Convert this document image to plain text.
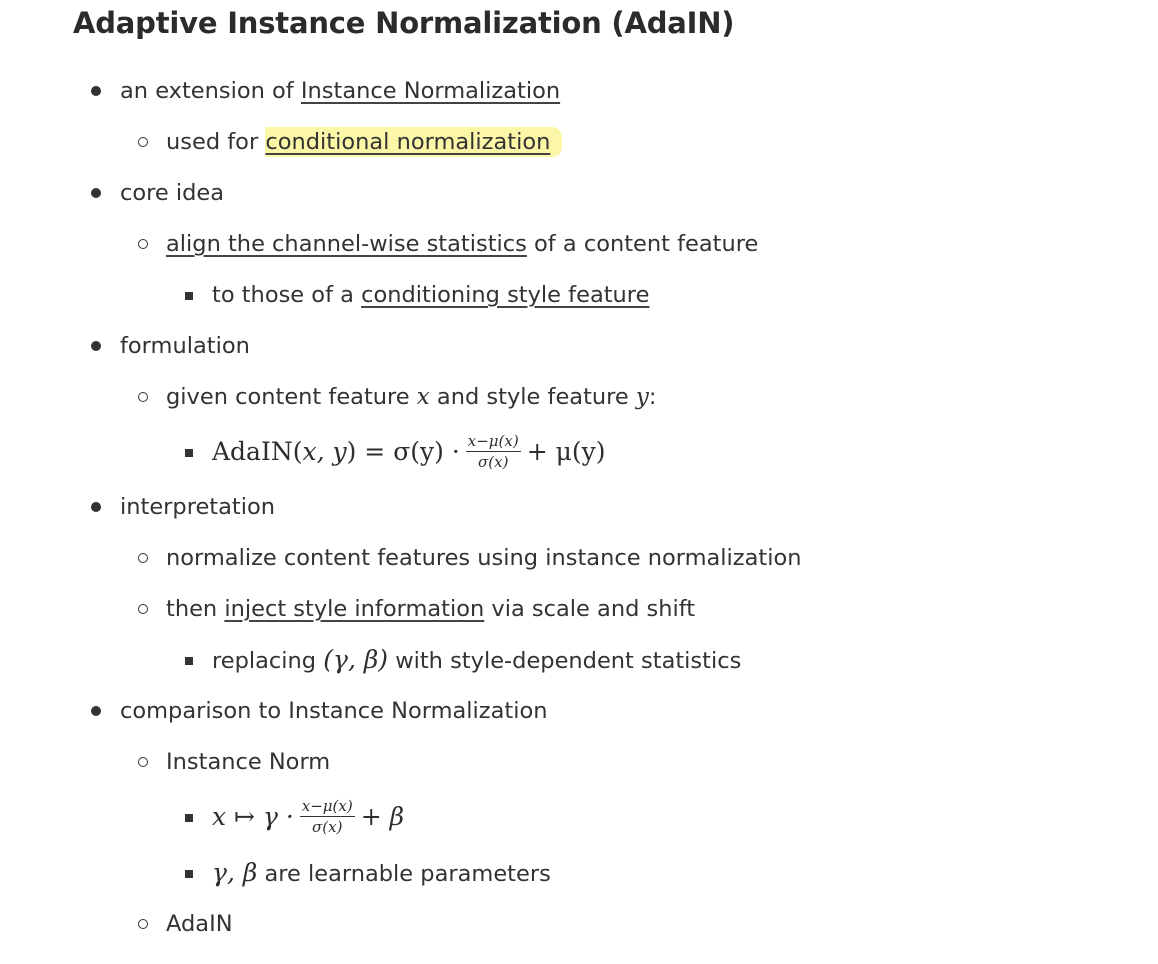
Adaptive Instance Normalization (AdaIN)
an extension of Instance Normalization
used for conditional normalization
core idea
align the channel-wise statistics of a content feature
to those of a conditioning style feature
formulation
given content feature x and style feature y:
AdaIN(x, $y) = \sigma(y) \cdot \frac{x-\mu(x)}{\sigma(x)} + \mu(y)$
interpretation
normalize content features using instance normalization
then inject style information via scale and shift
replacing (γ, β) with style-dependent statistics
comparison to Instance Normalization
Instance Norm
x ↦ $\gamma \cdot \frac{x-\mu(x)}{\sigma(x)} + \beta$
γ, β are learnable parameters
AdaIN
